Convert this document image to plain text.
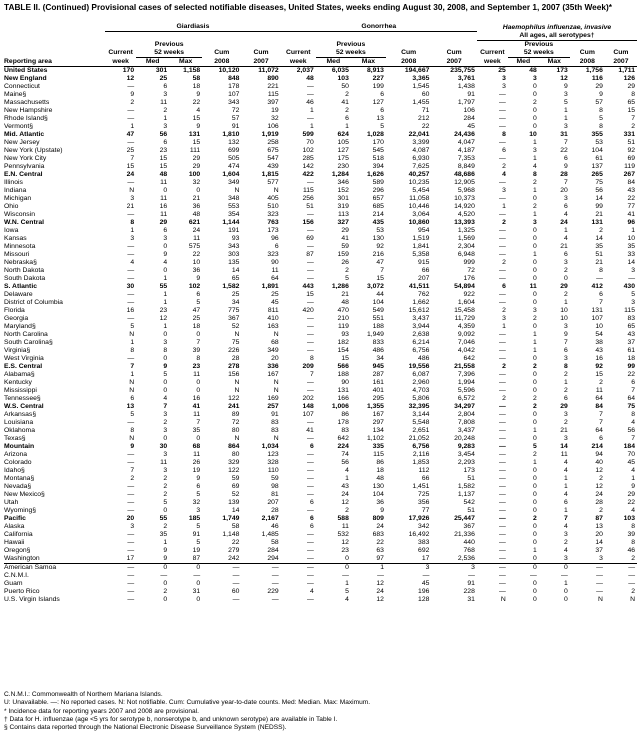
TABLE II. (Continued) Provisional cases of selected notifiable diseases, United States, weeks ending August 30, 2008, and September 1, 2007 (35th Week)*
	Giardiasis					Gonorrhea					Haemophilus influenzae, invasive				
											All ages, all serotypes†				
		Previous					Previous					Previous			
	Current	52 weeks		Cum	Cum	Current	52 weeks		Cum	Cum	Current	52 weeks		Cum	Cum
Reporting area	week	Med	Max	2008	2007	week	Med	Max	2008	2007	week	Med	Max	2008	2007
United States	170	301	1,158	10,120	11,072	2,037	6,035	8,913	194,667	235,755	25	48	173	1,756	1,711
New England	12	25	58	848	890	48	103	227	3,365	3,761	3	3	12	116	126
Connecticut	—	6	18	178	221	—	50	199	1,545	1,438	3	0	9	29	29
Maine§	9	3	9	107	115	—	2	6	60	91	—	0	3	9	8
Massachusetts	2	11	22	343	397	46	41	127	1,455	1,797	—	2	5	57	65
New Hampshire	—	2	4	72	19	1	2	6	71	106	—	0	1	8	15
Rhode Island§	—	1	15	57	32	—	6	13	212	284	—	0	1	5	7
Vermont§	1	3	9	91	106	1	1	5	22	45	—	0	3	8	2
Mid. Atlantic	47	56	131	1,810	1,919	599	624	1,028	22,041	24,436	8	10	31	355	331
New Jersey	—	6	15	132	258	70	105	170	3,399	4,047	—	1	7	53	51
New York (Upstate)	25	23	111	699	675	102	127	545	4,087	4,187	6	3	22	104	92
New York City	7	15	29	505	547	285	175	518	6,930	7,353	—	1	6	61	69
Pennsylvania	15	15	29	474	439	142	230	394	7,625	8,849	2	4	9	137	119
E.N. Central	24	48	100	1,604	1,815	422	1,284	1,626	40,257	48,686	4	8	28	265	267
Illinois	—	11	32	349	577	—	346	589	10,235	12,905	—	2	7	75	84
Indiana	N	0	0	N	N	115	152	296	5,454	5,968	3	1	20	56	43
Michigan	3	11	21	348	405	256	301	657	11,058	10,373	—	0	3	14	22
Ohio	21	16	36	553	510	51	319	685	10,446	14,920	1	2	6	99	77
Wisconsin	—	11	48	354	323	—	113	214	3,064	4,520	—	1	4	21	41
W.N. Central	8	29	621	1,144	763	156	327	435	10,860	13,393	2	3	24	131	96
Iowa	1	6	24	191	173	—	29	53	954	1,325	—	0	1	2	1
Kansas	3	3	11	93	96	69	41	130	1,519	1,569	—	0	4	14	10
Minnesota	—	0	575	343	6	—	59	92	1,841	2,304	—	0	21	35	35
Missouri	—	9	22	303	323	87	159	216	5,358	6,948	—	1	6	51	33
Nebraska§	4	4	10	135	90	—	26	47	915	999	2	0	3	21	14
North Dakota	—	0	36	14	11	—	2	7	66	72	—	0	2	8	3
South Dakota	—	1	9	65	64	—	5	15	207	176	—	0	0	—	—
S. Atlantic	30	55	102	1,582	1,891	443	1,286	3,072	41,511	54,894	6	11	29	412	430
Delaware	—	1	6	25	25	15	21	44	762	922	—	0	2	6	5
District of Columbia	—	1	5	34	45	—	48	104	1,662	1,604	—	0	1	7	3
Florida	16	23	47	775	811	420	470	549	15,612	15,458	2	3	10	131	115
Georgia	—	12	25	367	410	—	210	551	3,437	11,729	3	2	10	107	83
Maryland§	5	1	18	52	163	—	119	188	3,944	4,359	1	0	3	10	65
North Carolina	N	0	0	N	N	—	93	1,949	2,638	9,092	—	1	9	54	43
South Carolina§	1	3	7	75	68	—	182	833	6,214	7,046	—	1	7	38	37
Virginia§	8	8	39	226	349	—	154	486	6,756	4,042	—	1	6	43	61
West Virginia	—	0	8	28	20	8	15	34	486	642	—	0	3	16	18
E.S. Central	7	9	23	278	336	209	566	945	19,556	21,558	2	2	8	92	99
Alabama§	1	5	11	156	167	7	188	287	6,087	7,396	—	0	2	15	22
Kentucky	N	0	0	N	N	—	90	161	2,960	1,994	—	0	1	2	6
Mississippi	N	0	0	N	N	—	131	401	4,703	5,596	—	0	2	11	7
Tennessee§	6	4	16	122	169	202	166	295	5,806	6,572	2	2	6	64	64
W.S. Central	13	7	41	241	257	148	1,006	1,355	32,395	34,297	—	2	29	84	75
Arkansas§	5	3	11	89	91	107	86	167	3,144	2,804	—	0	3	7	8
Louisiana	—	2	7	72	83	—	178	297	5,548	7,808	—	0	2	7	4
Oklahoma	8	3	35	80	83	41	83	134	2,651	3,437	—	1	21	64	56
Texas§	N	0	0	N	N	—	642	1,102	21,052	20,248	—	0	3	6	7
Mountain	9	30	68	864	1,034	6	224	335	6,756	9,283	—	5	14	214	184
Arizona	—	3	11	80	123	—	74	115	2,116	3,454	—	2	11	94	70
Colorado	—	11	26	329	328	—	56	86	1,853	2,293	—	1	4	40	45
Idaho§	7	3	19	122	110	—	4	18	112	173	—	0	4	12	4
Montana§	2	2	9	59	59	—	1	48	66	51	—	0	1	2	1
Nevada§	—	2	6	69	98	—	43	130	1,451	1,582	—	0	1	12	9
New Mexico§	—	2	5	52	81	—	24	104	725	1,137	—	0	4	24	29
Utah	—	5	32	139	207	6	12	36	356	542	—	0	6	28	22
Wyoming§	—	0	3	14	28	—	2	9	77	51	—	0	1	2	4
Pacific	20	55	185	1,749	2,167	6	588	809	17,926	25,447	—	2	7	87	103
Alaska	3	2	5	58	46	6	11	24	342	367	—	0	4	13	8
California	—	35	91	1,148	1,485	—	532	683	16,492	21,336	—	0	3	20	39
Hawaii	—	1	5	22	58	—	12	22	383	440	—	0	2	14	8
Oregon§	—	9	19	279	284	—	23	63	692	768	—	1	4	37	46
Washington	17	9	87	242	294	—	0	97	17	2,536	—	0	3	3	2
American Samoa	—	0	0	—	—	—	0	1	3	3	—	0	0	—	—
C.N.M.I.	—	—	—	—	—	—	—	—	—	—	—	—	—	—	—
Guam	—	0	0	—	—	—	1	12	45	91	—	0	1	—	—
Puerto Rico	—	2	31	60	229	4	5	24	196	228	—	0	0	—	2
U.S. Virgin Islands	—	0	0	—	—	—	4	12	128	31	N	0	0	N	N
C.N.M.I.: Commonwealth of Northern Mariana Islands.
U: Unavailable. —: No reported cases. N: Not notifiable. Cum: Cumulative year-to-date counts. Med: Median. Max: Maximum.
* Incidence data for reporting years 2007 and 2008 are provisional.
† Data for H. influenzae (age <5 yrs for serotype b, nonserotype b, and unknown serotype) are available in Table I.
§ Contains data reported through the National Electronic Disease Surveillance System (NEDSS).
